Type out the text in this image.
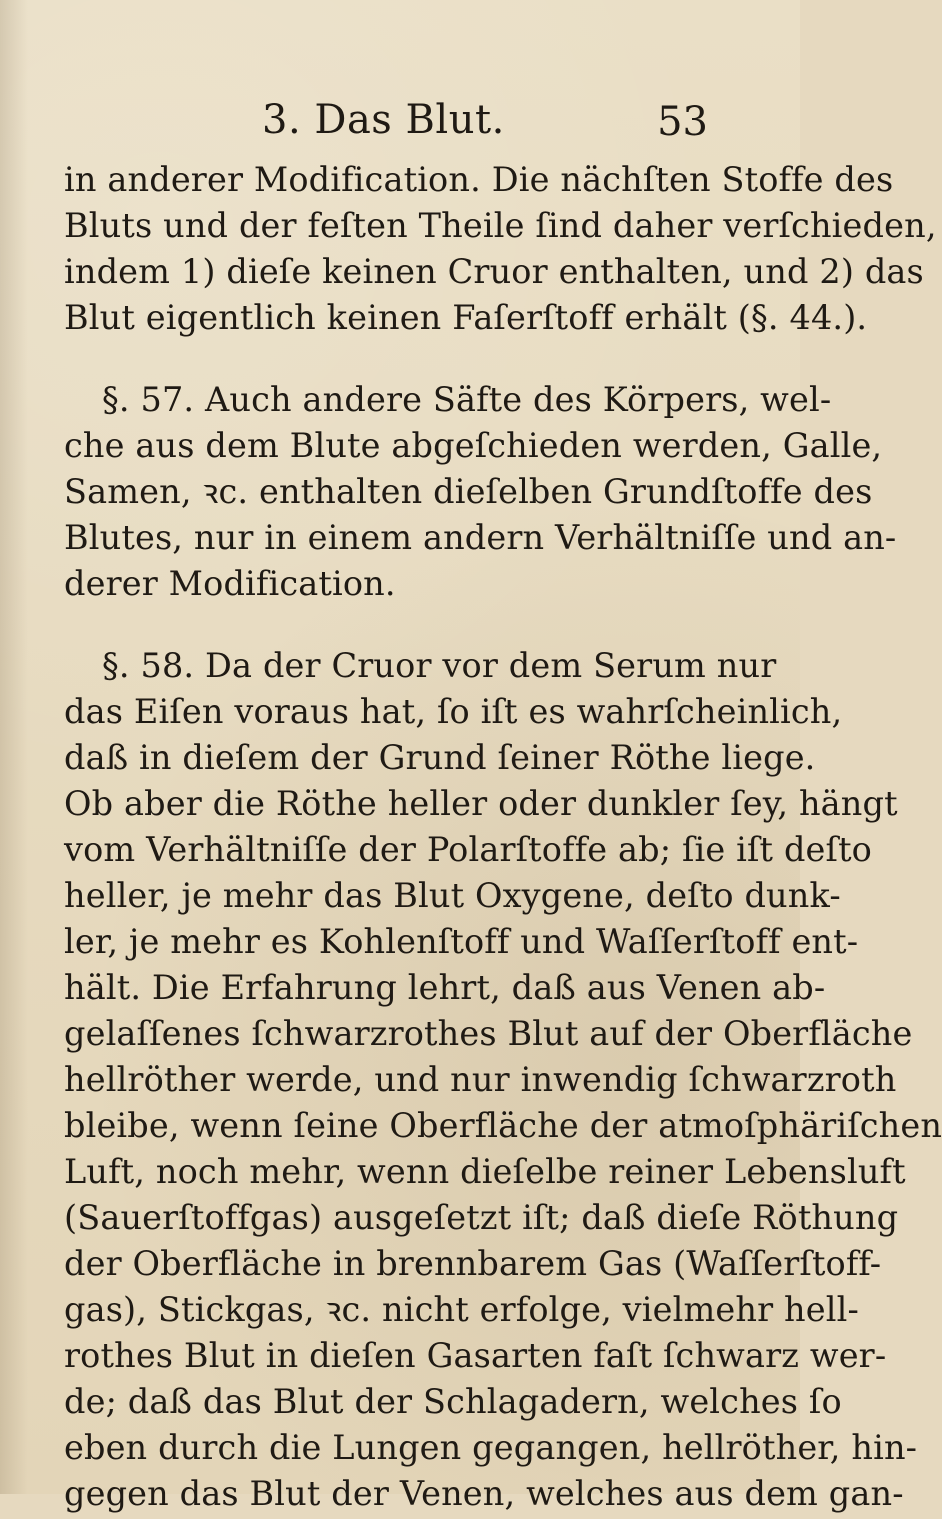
3. Das Blut.	53
in anderer Modification. Die nächſten Stoffe des
Bluts und der feſten Theile ſind daher verſchieden,
indem 1) dieſe keinen Cruor enthalten, und 2) das
Blut eigentlich keinen Faſerſtoff erhält (§. 44.).
§. 57. Auch andere Säfte des Körpers, wel-
che aus dem Blute abgeſchieden werden, Galle,
Samen, ꝛc. enthalten dieſelben Grundſtoffe des
Blutes, nur in einem andern Verhältniſſe und an-
derer Modification.
§. 58. Da der Cruor vor dem Serum nur
das Eiſen voraus hat, ſo iſt es wahrſcheinlich,
daß in dieſem der Grund ſeiner Röthe liege.
Ob aber die Röthe heller oder dunkler ſey, hängt
vom Verhältniſſe der Polarſtoffe ab; ſie iſt deſto
heller, je mehr das Blut Oxygene, deſto dunk-
ler, je mehr es Kohlenſtoff und Waſſerſtoff ent-
hält. Die Erfahrung lehrt, daß aus Venen ab-
gelaſſenes ſchwarzrothes Blut auf der Oberfläche
hellröther werde, und nur inwendig ſchwarzroth
bleibe, wenn ſeine Oberfläche der atmoſphäriſchen
Luft, noch mehr, wenn dieſelbe reiner Lebensluft
(Sauerſtoffgas) ausgeſetzt iſt; daß dieſe Röthung
der Oberfläche in brennbarem Gas (Waſſerſtoff-
gas), Stickgas, ꝛc. nicht erfolge, vielmehr hell-
rothes Blut in dieſen Gasarten faſt ſchwarz wer-
de; daß das Blut der Schlagadern, welches ſo
eben durch die Lungen gegangen, hellröther, hin-
gegen das Blut der Venen, welches aus dem gan-
